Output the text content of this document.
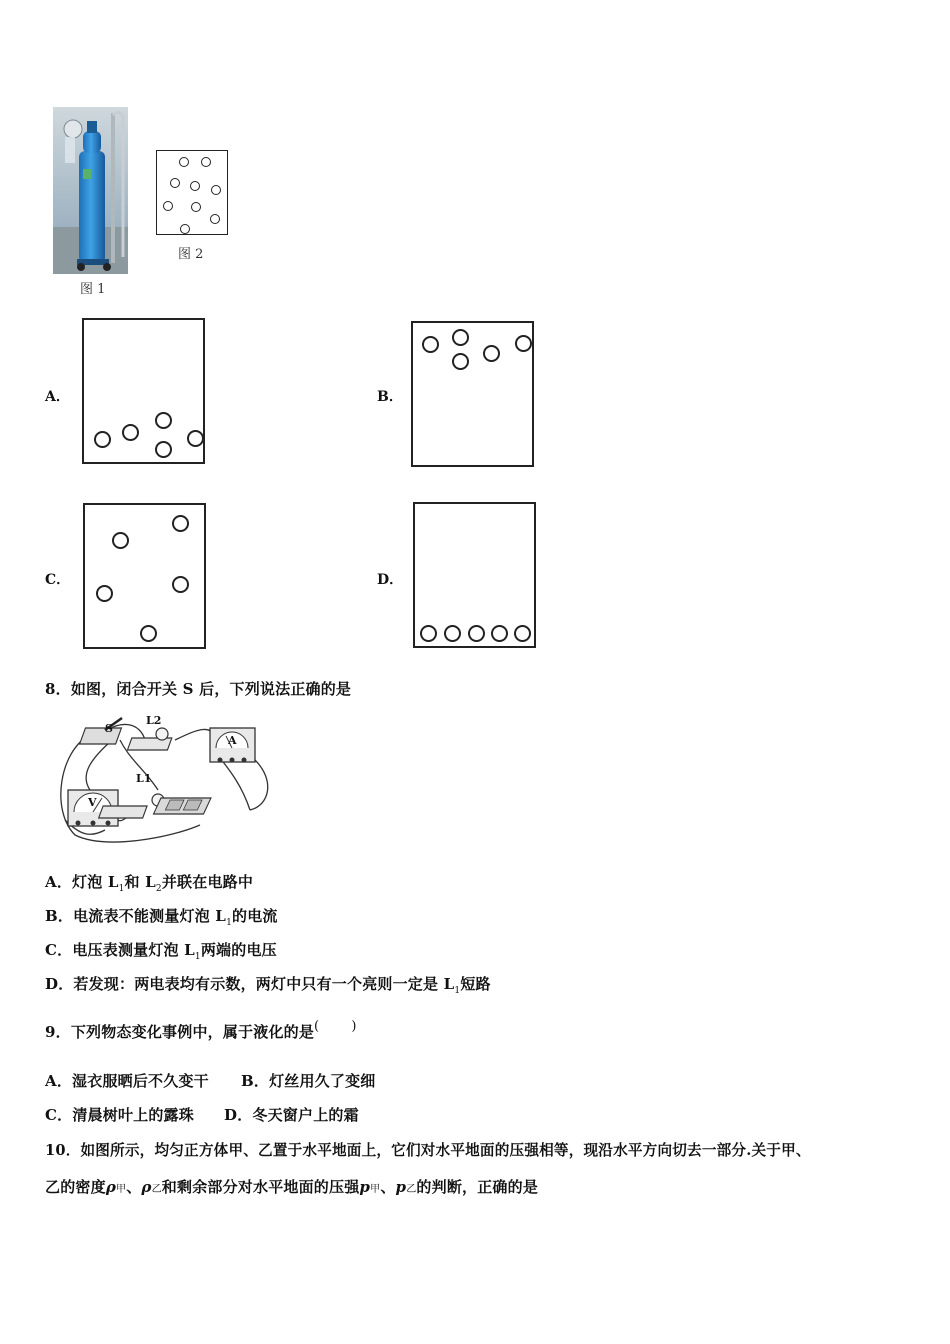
图 1
图 2
A．	B．
C．	D．
8．如图，闭合开关 S 后，下列说法正确的是
S
L2
A
L1
V
A．灯泡 $L_1$和 $L_2$并联在电路中
B．电流表不能测量灯泡 $L_1$的电流
C．电压表测量灯泡 $L_1$两端的电压
D．若发现：两电表均有示数，两灯中只有一个亮则一定是 $L_1$短路
9．下列物态变化事例中，属于液化的是( )
A．湿衣服晒后不久变干 B．灯丝用久了变细
C．清晨树叶上的露珠 D．冬天窗户上的霜
10．如图所示，均匀正方体甲、乙置于水平地面上，它们对水平地面的压强相等，现沿水平方向切去一部分.关于甲、
乙的密度ρ甲、ρ乙和剩余部分对水平地面的压强p甲、p乙的判断，正确的是
